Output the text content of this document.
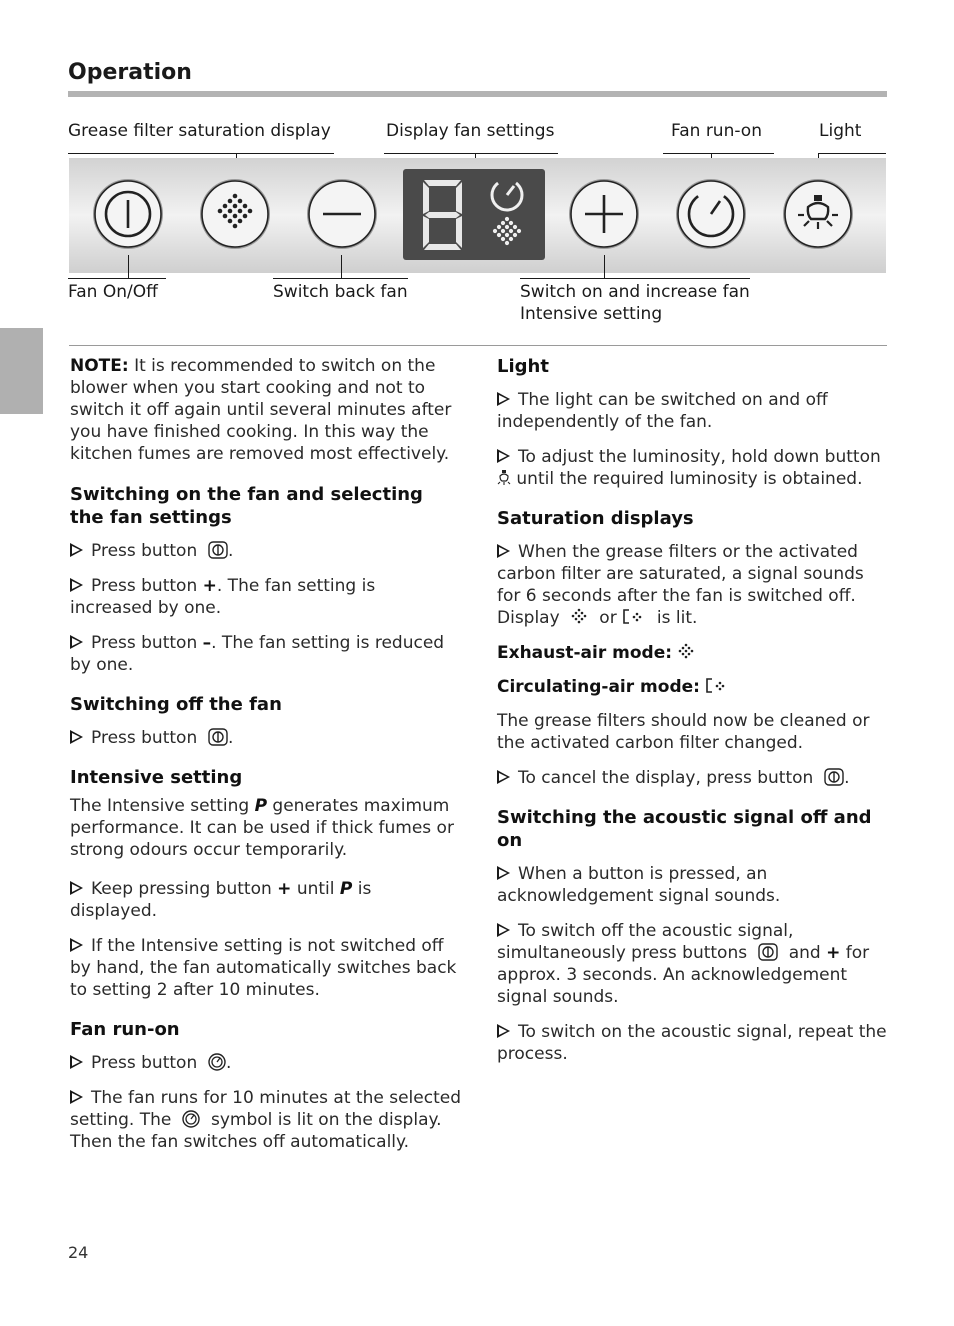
Operation
Grease filter saturation display	Display fan settings	Fan run-on	Light
Fan On/Off	Switch back fan	Switch on and increase fan
Intensive setting

NOTE: It is recommended to switch on the blower when you start cooking and not to switch it off again until several minutes after you have finished cooking. In this way the kitchen fumes are removed most effectively.

Switching on the fan and selecting the fan settings

Press button .

Press button +. The fan setting is increased by one.

Press button –. The fan setting is reduced by one.

Switching off the fan

Press button .

Intensive setting

The Intensive setting P generates maximum performance. It can be used if thick fumes or strong odours occur temporarily.

Keep pressing button + until P is displayed.

If the Intensive setting is not switched off by hand, the fan automatically switches back to setting 2 after 10 minutes.

Fan run-on

Press button .

The fan runs for 10 minutes at the selected setting. The symbol is lit on the display. Then the fan switches off automatically.

Light

The light can be switched on and off independently of the fan.

To adjust the luminosity, hold down button  until the required luminosity is obtained.

Saturation displays

When the grease filters or the activated carbon filter are saturated, a signal sounds for 6 seconds after the fan is switched off. Display or is lit.

Exhaust-air mode:

Circulating-air mode:

The grease filters should now be cleaned or the activated carbon filter changed.

To cancel the display, press button .

Switching the acoustic signal off and on

When a button is pressed, an acknowledgement signal sounds.

To switch off the acoustic signal, simultaneously press buttons and + for approx. 3 seconds. An acknowledgement signal sounds.

To switch on the acoustic signal, repeat the process.

24
